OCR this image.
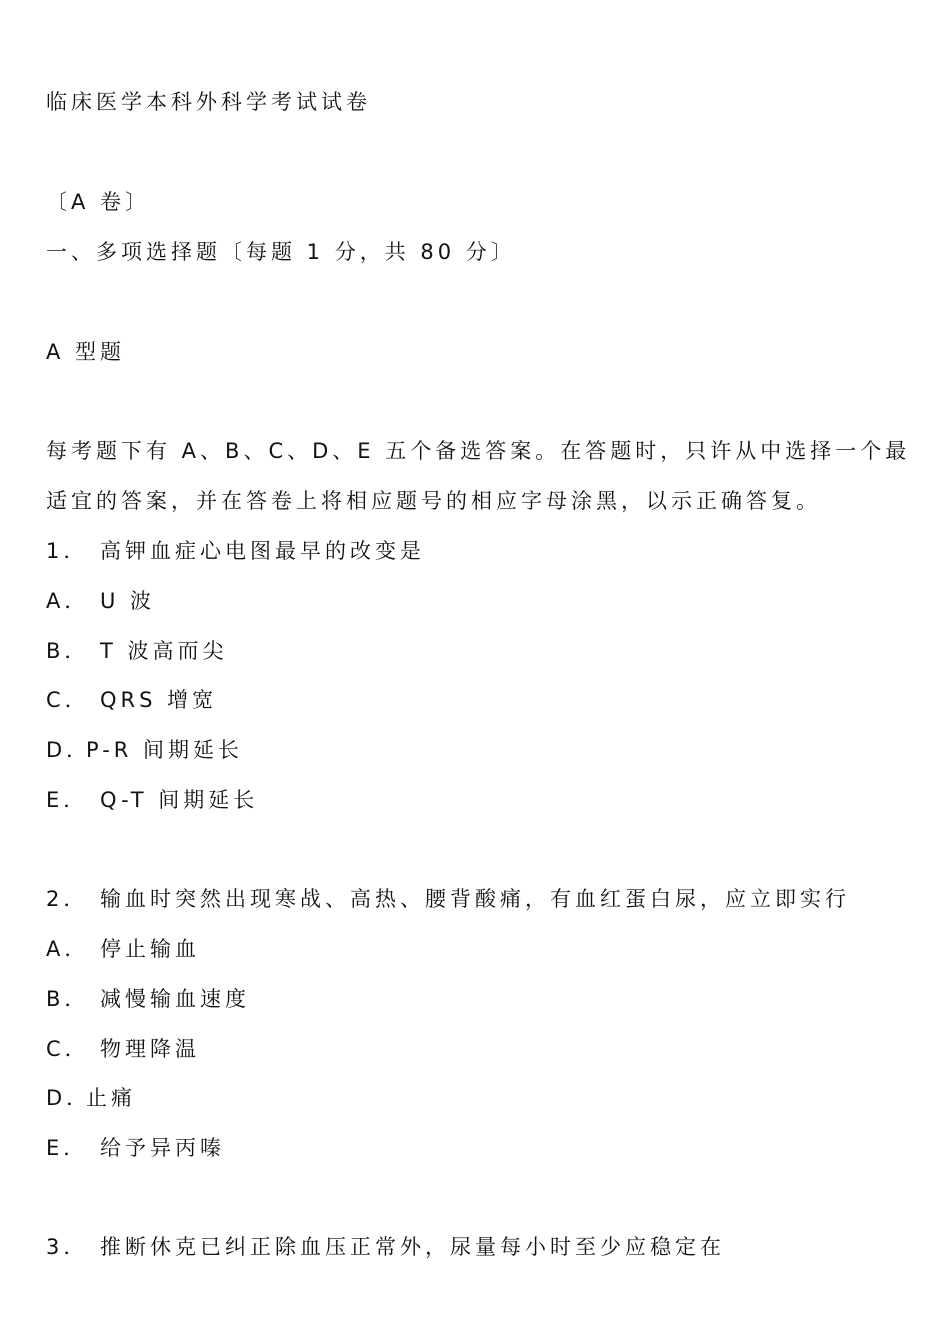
临床医学本科外科学考试试卷
〔A 卷〕
一、多项选择题〔每题 1 分，共 80 分〕
A 型题
每考题下有 A、B、C、D、E 五个备选答案。在答题时，只许从中选择一个最
适宜的答案，并在答卷上将相应题号的相应字母涂黑，以示正确答复。
1． 高钾血症心电图最早的改变是
A． U 波
B． T 波高而尖
C． QRS 增宽
D．
P-R 间期延长
E． Q-T 间期延长
2． 输血时突然出现寒战、高热、腰背酸痛，有血红蛋白尿，应立即实行
A． 停止输血
B． 减慢输血速度
C． 物理降温
D．
止痛
E． 给予异丙嗪
3． 推断休克已纠正除血压正常外，尿量每小时至少应稳定在
